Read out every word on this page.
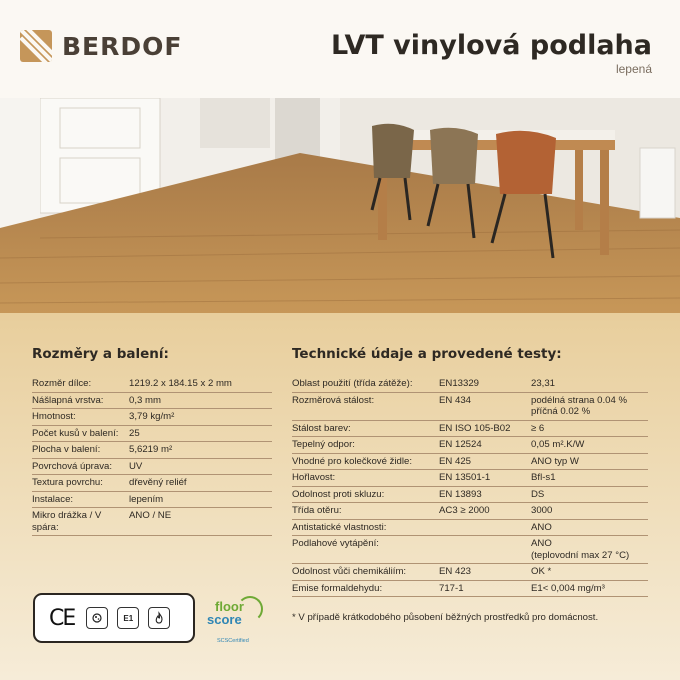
BERDOF	LVT vinylová podlaha
lepená
Rozměry a balení:	Technické údaje a provedené testy:
Rozměr dílce:	1219.2 x 184.15 x 2 mm
Nášlapná vrstva:	0,3 mm
Hmotnost:	3,79 kg/m²
Počet kusů v balení:	25
Plocha v balení:	5,6219 m²
Povrchová úprava:	UV
Textura povrchu:	dřevěný reliéf
Instalace:	lepením
Mikro drážka / V spára:	ANO / NE
Oblast použití (třída zátěže):	EN13329	23,31
Rozměrová stálost:	EN 434	podélná strana 0.04 %
příčná 0.02 %

Stálost barev:	EN ISO 105-B02	≥ 6
Tepelný odpor:	EN 12524	0,05 m².K/W
Vhodné pro kolečkové židle:	EN 425	ANO typ W
Hořlavost:	EN 13501-1	Bfl-s1
Odolnost proti skluzu:	EN 13893	DS
Třída otěru:	AC3 ≥ 2000	3000
Antistatické vlastnosti:		ANO
Podlahové vytápění:		ANO
(teplovodní max 27 °C)

Odolnost vůči chemikáliím:	EN 423	OK *
Emise formaldehydu:	717-1	E1< 0,004 mg/m³
* V případě krátkodobého působení běžných prostředků pro domácnost.
CE	E1
floor
score
SCSCertified
